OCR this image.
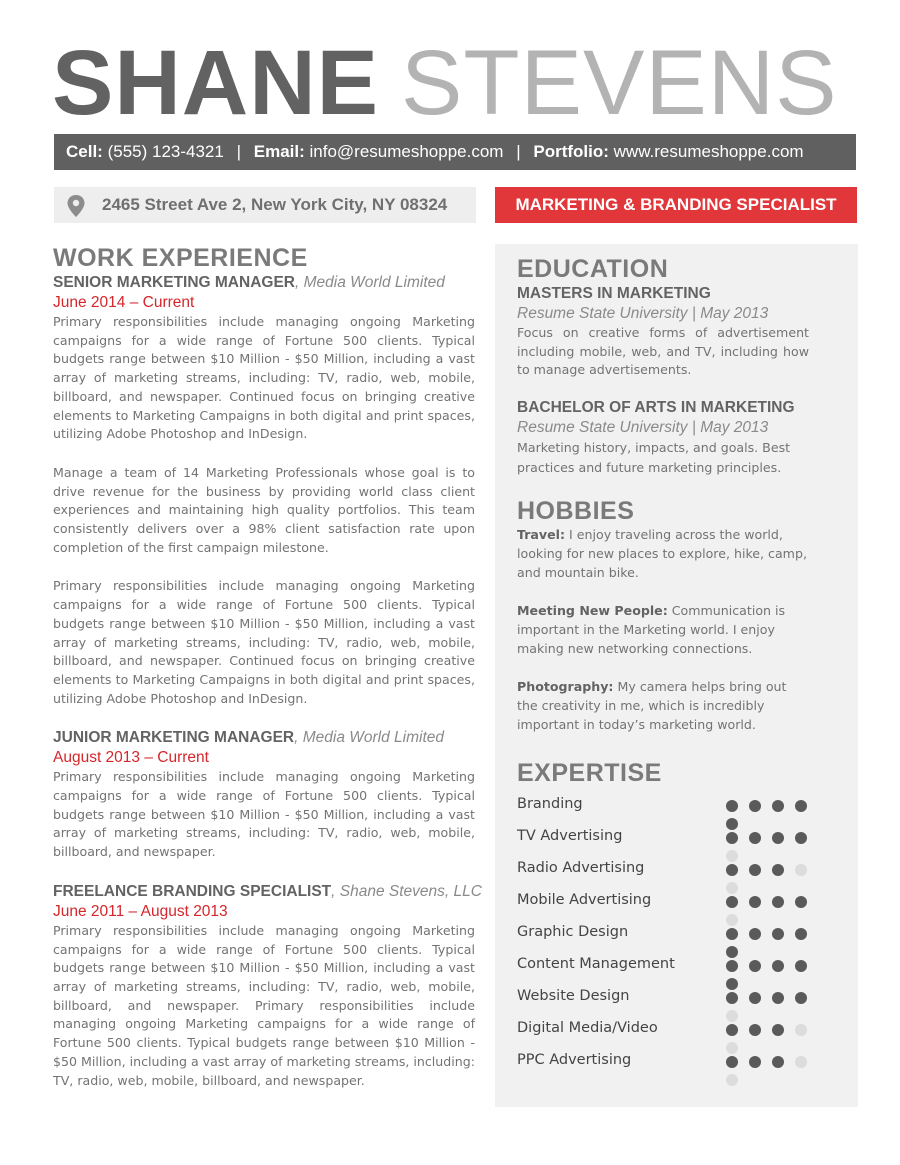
SHANE STEVENS
Cell: (555) 123-4321 | Email: info@resumeshoppe.com | Portfolio: www.resumeshoppe.com
2465 Street Ave 2, New York City, NY 08324	MARKETING & BRANDING SPECIALIST
WORK EXPERIENCE
SENIOR MARKETING MANAGER, Media World Limited
June 2014 – Current

Primary responsibilities include managing ongoing Marketing campaigns for a wide range of Fortune 500 clients. Typical budgets range between $10 Million - $50 Million, including a vast array of marketing streams, including: TV, radio, web, mobile, billboard, and newspaper. Continued focus on bringing creative elements to Marketing Campaigns in both digital and print spaces, utilizing Adobe Photoshop and InDesign.

Manage a team of 14 Marketing Professionals whose goal is to drive revenue for the business by providing world class client experiences and maintaining high quality portfolios. This team consistently delivers over a 98% client satisfaction rate upon completion of the first campaign milestone.

Primary responsibilities include managing ongoing Marketing campaigns for a wide range of Fortune 500 clients. Typical budgets range between $10 Million - $50 Million, including a vast array of marketing streams, including: TV, radio, web, mobile, billboard, and newspaper. Continued focus on bringing creative elements to Marketing Campaigns in both digital and print spaces, utilizing Adobe Photoshop and InDesign.

JUNIOR MARKETING MANAGER, Media World Limited
August 2013 – Current

Primary responsibilities include managing ongoing Marketing campaigns for a wide range of Fortune 500 clients. Typical budgets range between $10 Million - $50 Million, including a vast array of marketing streams, including: TV, radio, web, mobile, billboard, and newspaper.

FREELANCE BRANDING SPECIALIST, Shane Stevens, LLC
June 2011 – August 2013

Primary responsibilities include managing ongoing Marketing campaigns for a wide range of Fortune 500 clients. Typical budgets range between $10 Million - $50 Million, including a vast array of marketing streams, including: TV, radio, web, mobile, billboard, and newspaper. Primary responsibilities include managing ongoing Marketing campaigns for a wide range of Fortune 500 clients. Typical budgets range between $10 Million - $50 Million, including a vast array of marketing streams, including: TV, radio, web, mobile, billboard, and newspaper.

EDUCATION
MASTERS IN MARKETING
Resume State University | May 2013

Focus on creative forms of advertisement including mobile, web, and TV, including how to manage advertisements.

BACHELOR OF ARTS IN MARKETING
Resume State University | May 2013

Marketing history, impacts, and goals. Best practices and future marketing principles.

HOBBIES

Travel: I enjoy traveling across the world, looking for new places to explore, hike, camp, and mountain bike.

Meeting New People: Communication is important in the Marketing world. I enjoy making new networking connections.

Photography: My camera helps bring out the creativity in me, which is incredibly important in today’s marketing world.

EXPERTISE
Branding
TV Advertising
Radio Advertising
Mobile Advertising
Graphic Design
Content Management
Website Design
Digital Media/Video
PPC Advertising
